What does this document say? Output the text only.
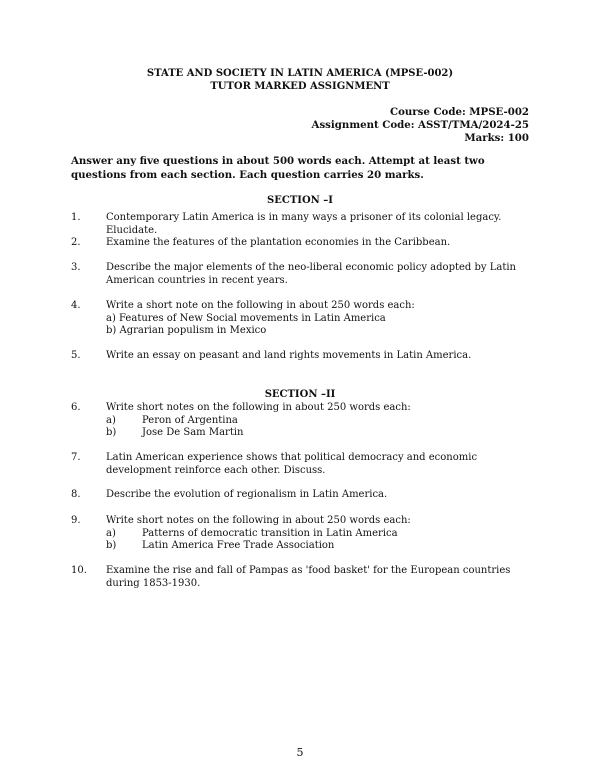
STATE AND SOCIETY IN LATIN AMERICA (MPSE-002)
TUTOR MARKED ASSIGNMENT
Course Code: MPSE-002
Assignment Code: ASST/TMA/2024-25
Marks: 100
Answer any five questions in about 500 words each. Attempt at least two questions from each section. Each question carries 20 marks.
SECTION –I
1.	Contemporary Latin America is in many ways a prisoner of its colonial legacy. Elucidate.
2.	Examine the features of the plantation economies in the Caribbean.
3.	Describe the major elements of the neo-liberal economic policy adopted by Latin American countries in recent years.
4.	Write a short note on the following in about 250 words each:
a) Features of New Social movements in Latin America
b) Agrarian populism in Mexico
5.	Write an essay on peasant and land rights movements in Latin America.
SECTION –II
6.	Write short notes on the following in about 250 words each:
a)	Peron of Argentina
b)	Jose De Sam Martin
7.	Latin American experience shows that political democracy and economic development reinforce each other. Discuss.
8.	Describe the evolution of regionalism in Latin America.
9.	Write short notes on the following in about 250 words each:
a)	Patterns of democratic transition in Latin America
b)	Latin America Free Trade Association
10. Examine the rise and fall of Pampas as 'food basket' for the European countries during 1853-1930.
5
